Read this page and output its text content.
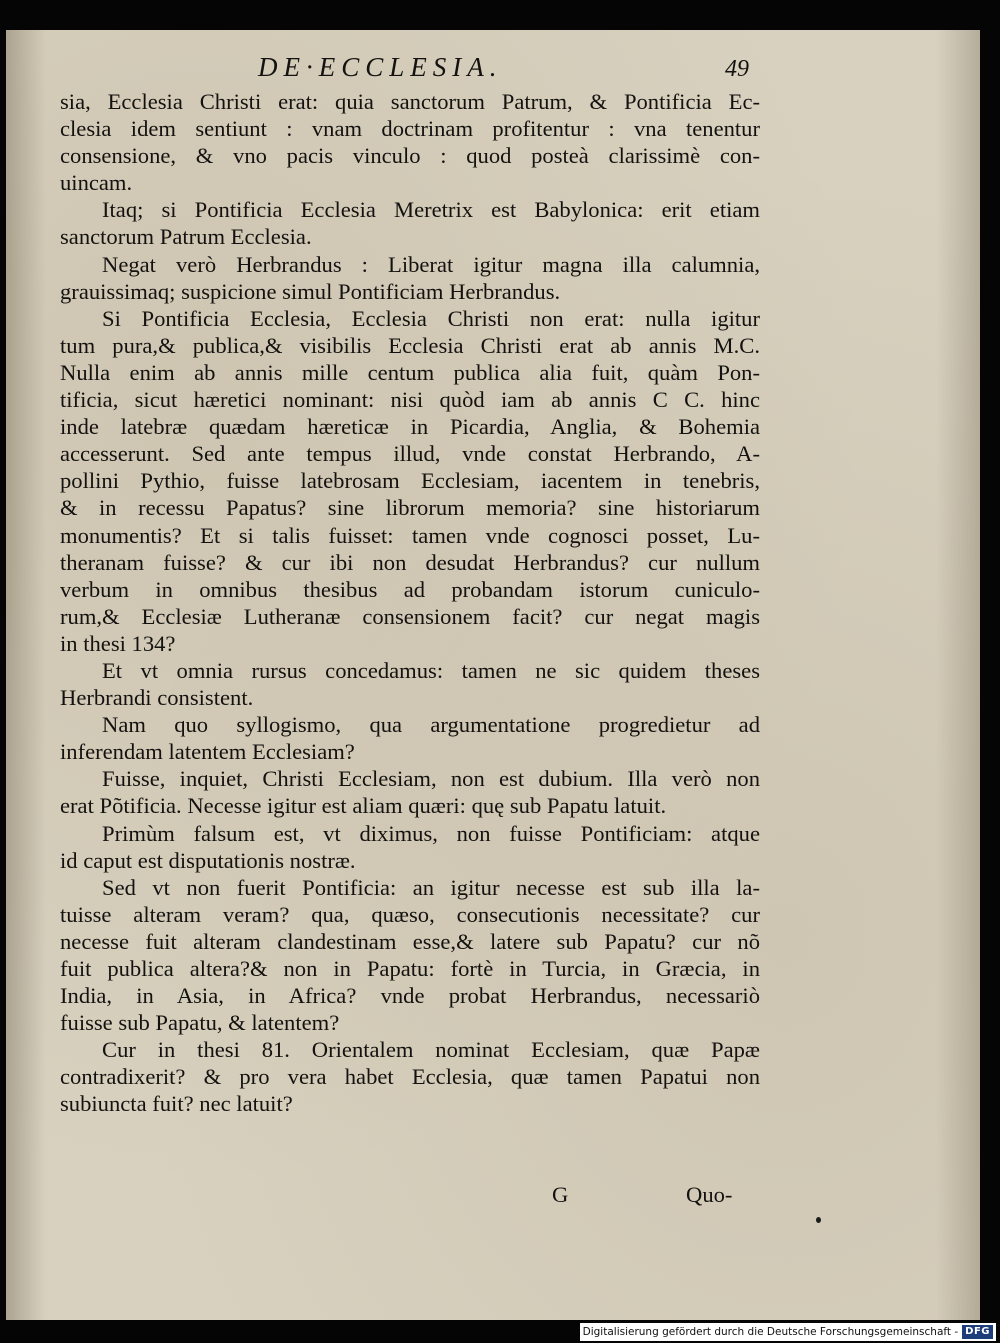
DE·ECCLESIA.	49
sia, Ecclesia Christi erat: quia sanctorum Patrum, & Pontificia Ec-
clesia idem sentiunt : vnam doctrinam profitentur : vna tenentur
consensione, & vno pacis vinculo : quod posteà clarissimè con-
uincam.
Itaq; si Pontificia Ecclesia Meretrix est Babylonica: erit etiam
sanctorum Patrum Ecclesia.
Negat verò Herbrandus : Liberat igitur magna illa calumnia,
grauissimaq; suspicione simul Pontificiam Herbrandus.
Si Pontificia Ecclesia, Ecclesia Christi non erat: nulla igitur
tum pura,& publica,& visibilis Ecclesia Christi erat ab annis M.C.
Nulla enim ab annis mille centum publica alia fuit, quàm Pon-
tificia, sicut hæretici nominant: nisi quòd iam ab annis C C. hinc
inde latebræ quædam hæreticæ in Picardia, Anglia, & Bohemia
accesserunt. Sed ante tempus illud, vnde constat Herbrando, A-
pollini Pythio, fuisse latebrosam Ecclesiam, iacentem in tenebris,
& in recessu Papatus? sine librorum memoria? sine historiarum
monumentis? Et si talis fuisset: tamen vnde cognosci posset, Lu-
theranam fuisse? & cur ibi non desudat Herbrandus? cur nullum
verbum in omnibus thesibus ad probandam istorum cuniculo-
rum,& Ecclesiæ Lutheranæ consensionem facit? cur negat magis
in thesi 134?
Et vt omnia rursus concedamus: tamen ne sic quidem theses
Herbrandi consistent.
Nam quo syllogismo, qua argumentatione progredietur ad
inferendam latentem Ecclesiam?
Fuisse, inquiet, Christi Ecclesiam, non est dubium. Illa verò non
erat Põtificia. Necesse igitur est aliam quæri: quę sub Papatu latuit.
Primùm falsum est, vt diximus, non fuisse Pontificiam: atque
id caput est disputationis nostræ.
Sed vt non fuerit Pontificia: an igitur necesse est sub illa la-
tuisse alteram veram? qua, quæso, consecutionis necessitate? cur
necesse fuit alteram clandestinam esse,& latere sub Papatu? cur nõ
fuit publica altera?& non in Papatu: fortè in Turcia, in Græcia, in
India, in Asia, in Africa? vnde probat Herbrandus, necessariò
fuisse sub Papatu, & latentem?
Cur in thesi 81. Orientalem nominat Ecclesiam, quæ Papæ
contradixerit? & pro vera habet Ecclesia, quæ tamen Papatui non
subiuncta fuit? nec latuit?
G	Quo-
Digitalisierung gefördert durch die Deutsche Forschungsgemeinschaft - DFG
